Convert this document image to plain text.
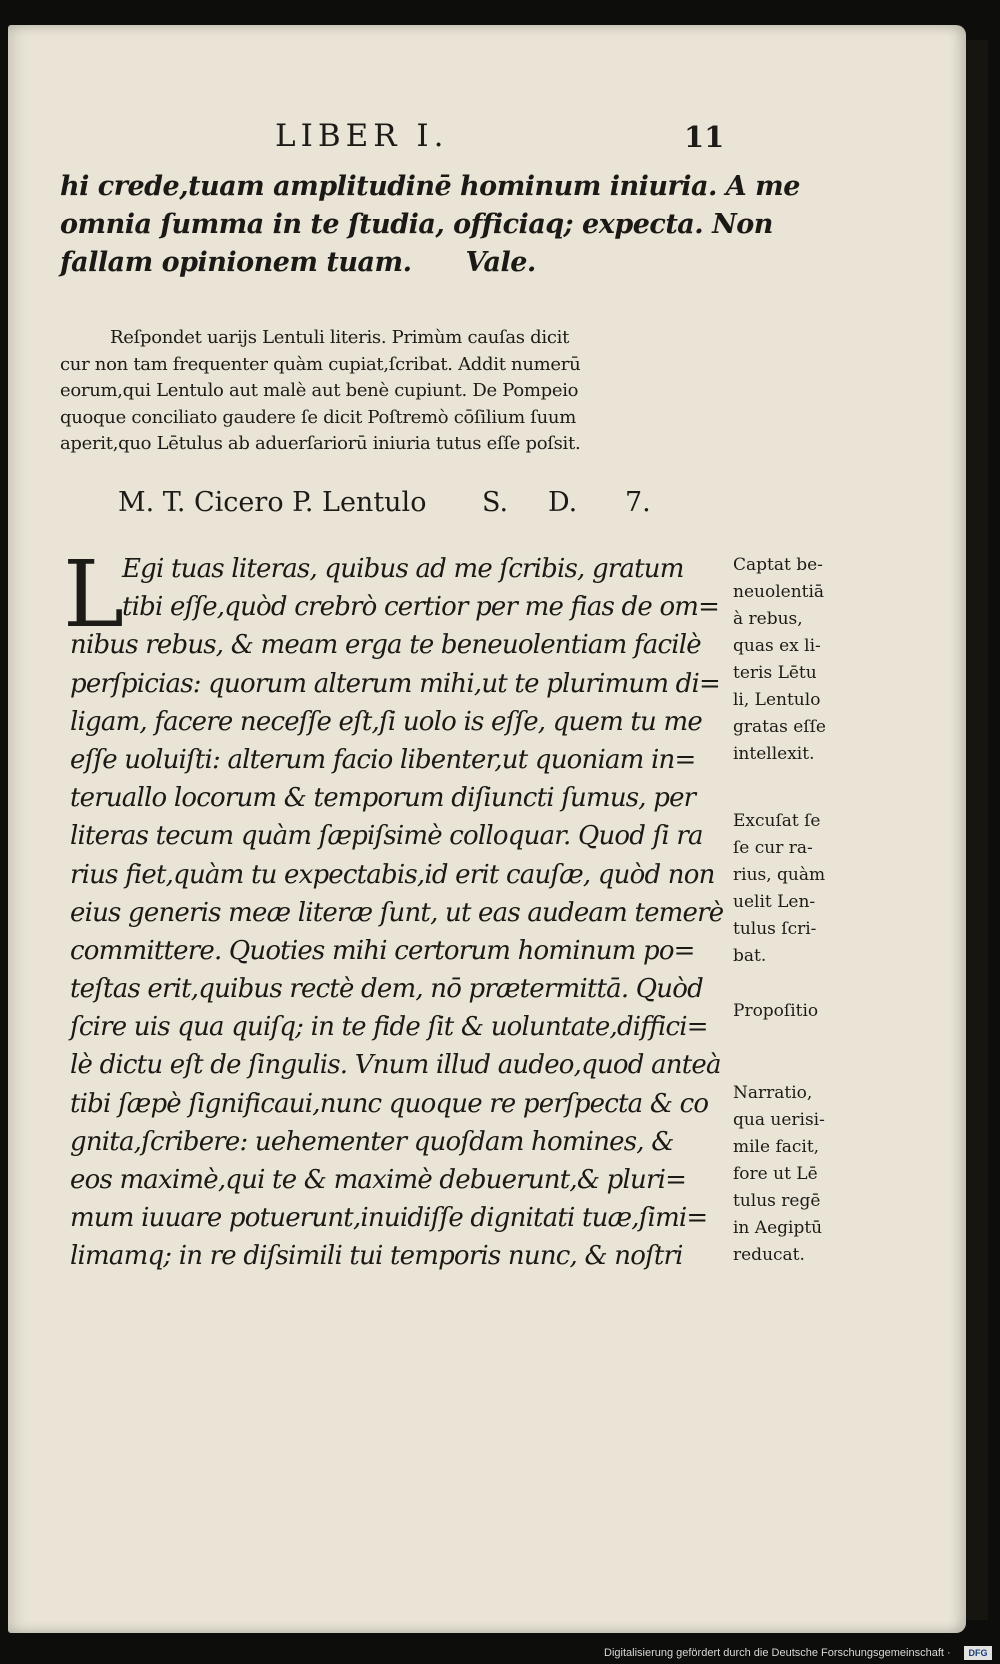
LIBER I.	11
hi crede,tuam amplitudinē hominum iniuria. A me
omnia ſumma in te ſtudia, officiaq; expecta. Non
fallam opinionem tuam. Vale.
Reſpondet uarijs Lentuli literis. Primùm cauſas dicit
cur non tam frequenter quàm cupiat,ſcribat. Addit numerū
eorum,qui Lentulo aut malè aut benè cupiunt. De Pompeio
quoque conciliato gaudere ſe dicit Poſtremò cōſilium ſuum
aperit,quo Lētulus ab aduerſariorū iniuria tutus eſſe poſsit.
M. T. Cicero P. Lentulo S. D. 7.
L
Egi tuas literas, quibus ad me ſcribis, gratum
tibi eſſe,quòd crebrò certior per me fias de om=
nibus rebus, & meam erga te beneuolentiam facilè
perſpicias: quorum alterum mihi,ut te plurimum di=
ligam, facere neceſſe eſt,ſi uolo is eſſe, quem tu me
eſſe uoluiſti: alterum facio libenter,ut quoniam in=
teruallo locorum & temporum diſiuncti ſumus, per
literas tecum quàm ſæpiſsimè colloquar. Quod ſi ra
rius fiet,quàm tu expectabis,id erit cauſæ, quòd non
eius generis meæ literæ ſunt, ut eas audeam temerè
committere. Quoties mihi certorum hominum po=
teſtas erit,quibus rectè dem, nō prætermittā. Quòd
ſcire uis qua quiſq; in te fide ſit & uoluntate,diffici=
lè dictu eſt de ſingulis. Vnum illud audeo,quod anteà
tibi ſæpè ſignificaui,nunc quoque re perſpecta & co
gnita,ſcribere: uehementer quoſdam homines, &
eos maximè,qui te & maximè debuerunt,& pluri=
mum iuuare potuerunt,inuidiſſe dignitati tuæ,ſimi=
limamq; in re diſsimili tui temporis nunc, & noſtri
Captat be-
neuolentiā
à rebus,
quas ex li-
teris Lētu
li, Lentulo
gratas eſſe
intellexit.
Excuſat ſe
ſe cur ra-
rius, quàm
uelit Len-
tulus ſcri-
bat.
Propoſitio
Narratio,
qua uerisi-
mile facit,
fore ut Lē
tulus regē
in Aegiptū
reducat.
Digitalisierung gefördert durch die Deutsche Forschungsgemeinschaft ·	DFG
